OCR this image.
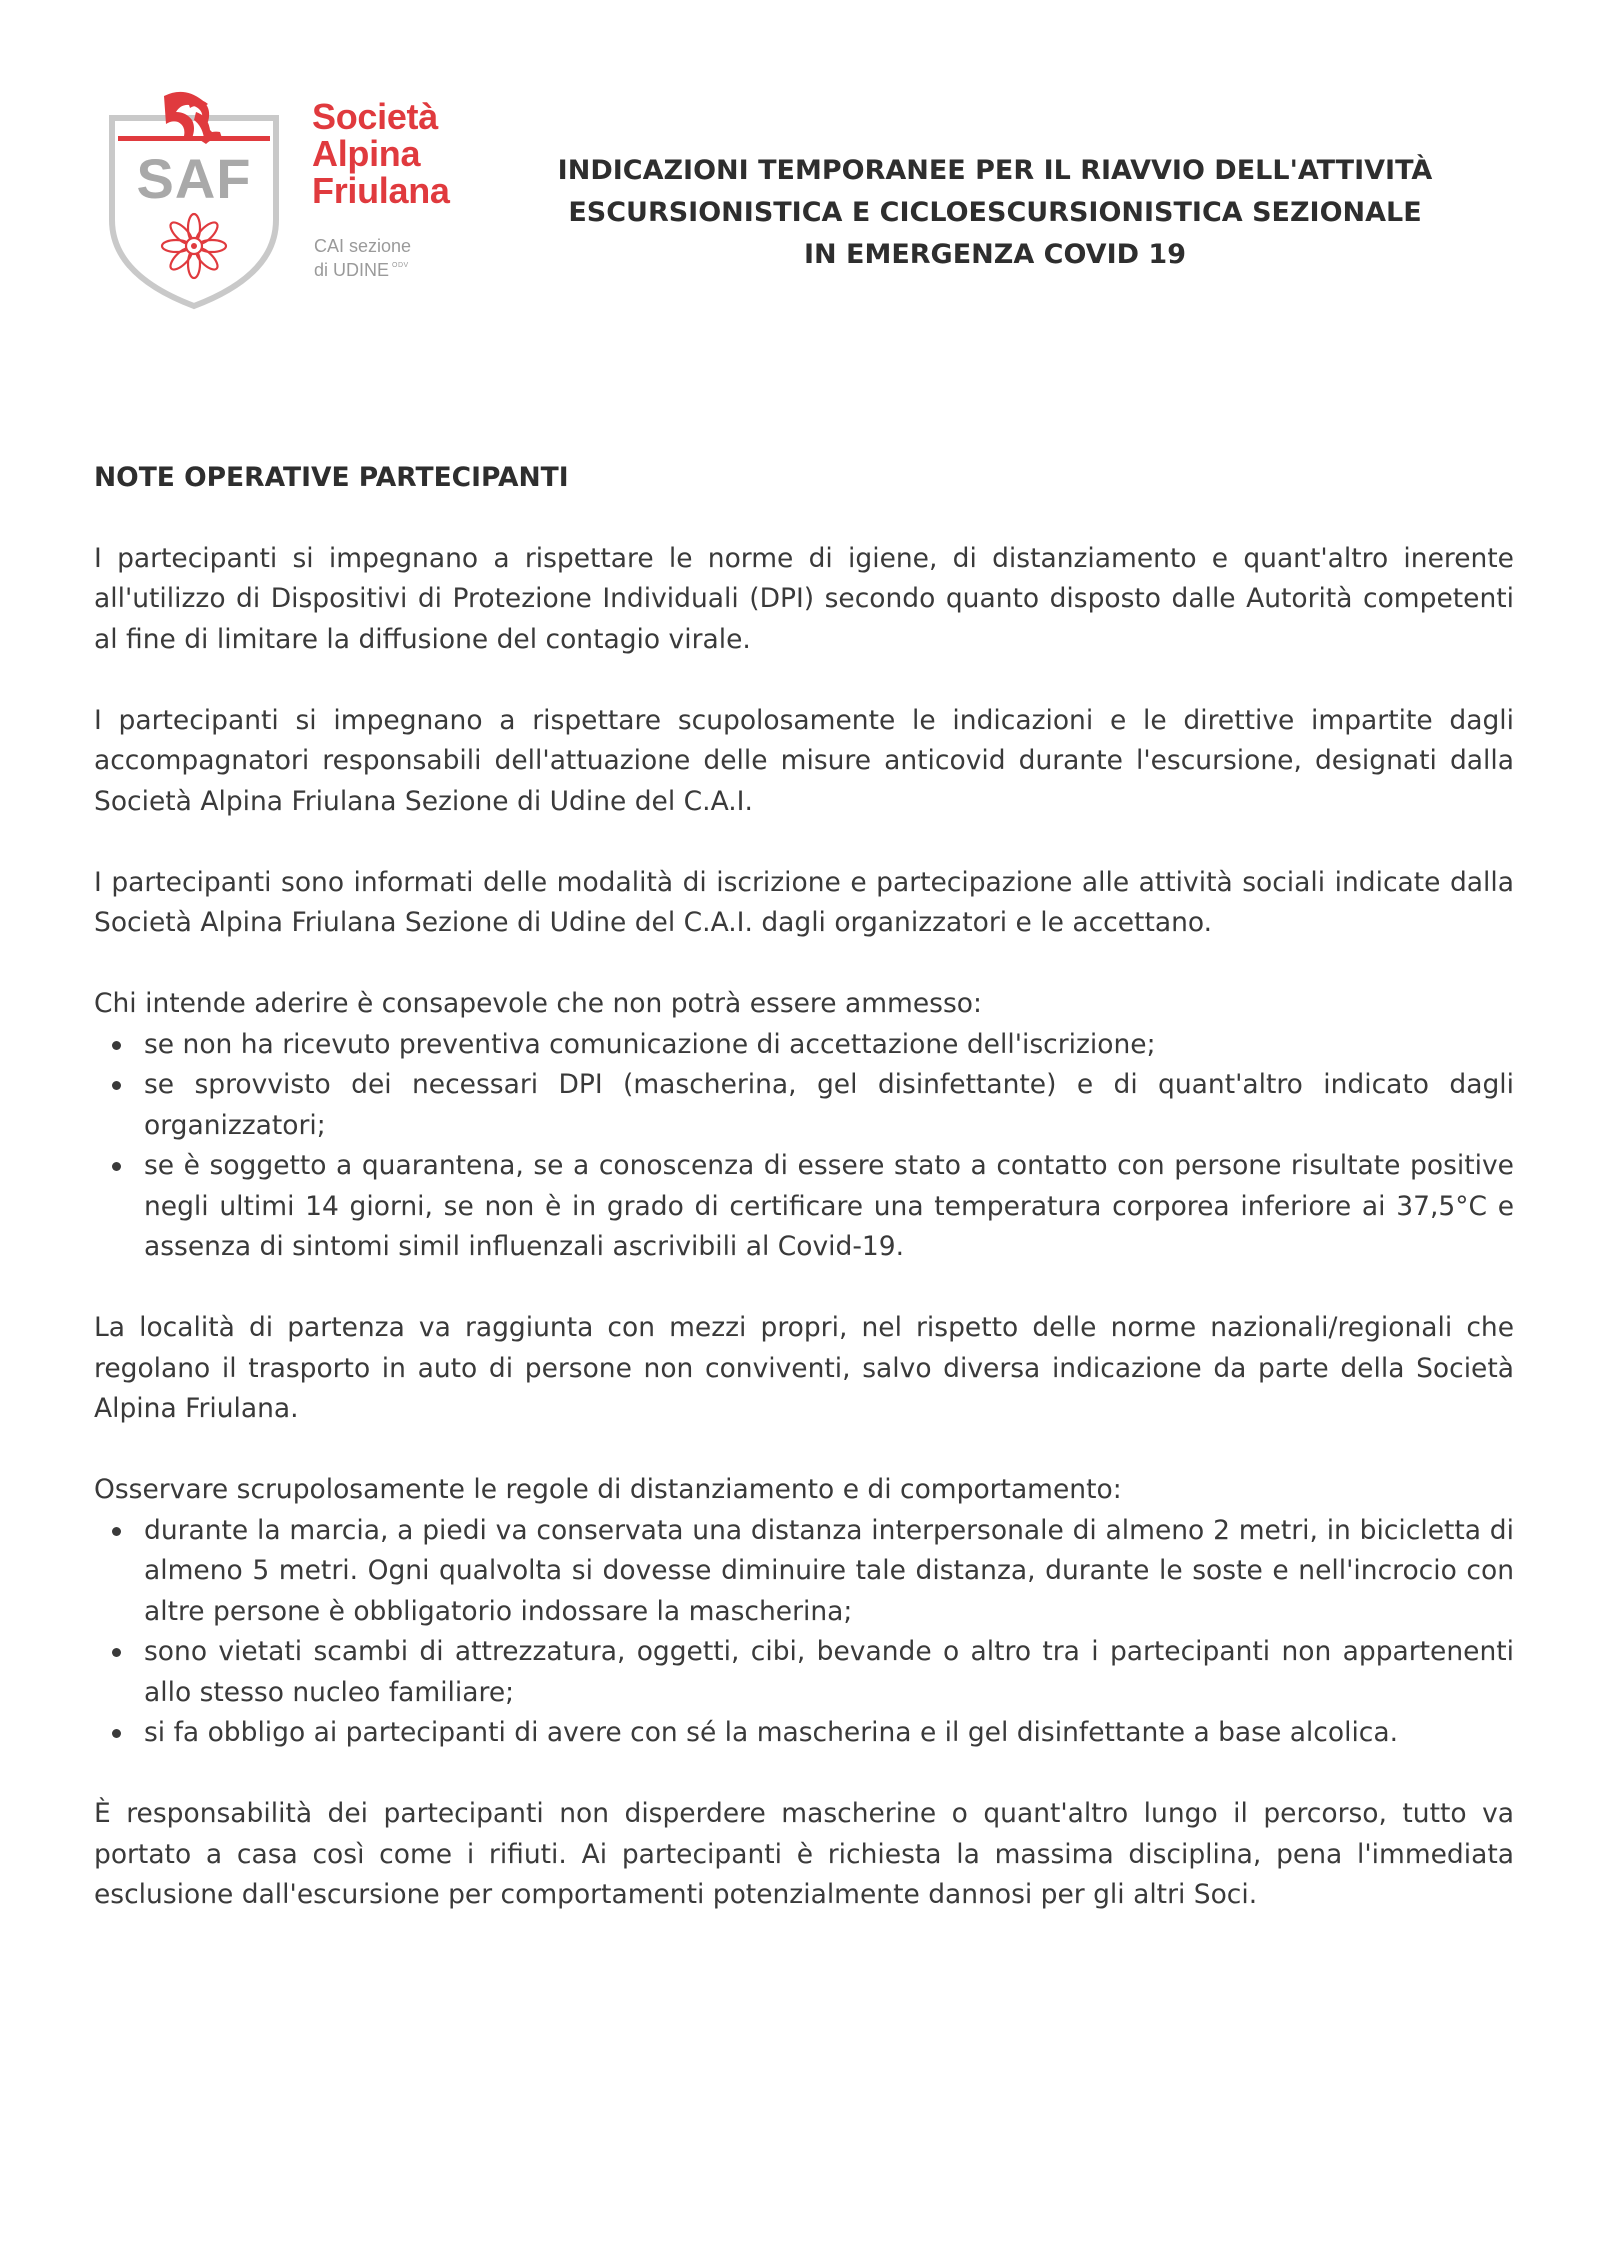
SAF
Società
Alpina
Friulana
CAI sezione
di UDINE $^{ODV}$
INDICAZIONI TEMPORANEE PER IL RIAVVIO DELL'ATTIVITÀ
ESCURSIONISTICA E CICLOESCURSIONISTICA SEZIONALE
IN EMERGENZA COVID 19
NOTE OPERATIVE PARTECIPANTI

I partecipanti si impegnano a rispettare le norme di igiene, di distanziamento e quant'altro inerente all'utilizzo di Dispositivi di Protezione Individuali (DPI) secondo quanto disposto dalle Autorità competenti al fine di limitare la diffusione del contagio virale.

I partecipanti si impegnano a rispettare scupolosamente le indicazioni e le direttive impartite dagli accompagnatori responsabili dell'attuazione delle misure anticovid durante l'escursione, designati dalla Società Alpina Friulana Sezione di Udine del C.A.I.

I partecipanti sono informati delle modalità di iscrizione e partecipazione alle attività sociali indicate dalla Società Alpina Friulana Sezione di Udine del C.A.I. dagli organizzatori e le accettano.

Chi intende aderire è consapevole che non potrà essere ammesso:

se non ha ricevuto preventiva comunicazione di accettazione dell'iscrizione;
se sprovvisto dei necessari DPI (mascherina, gel disinfettante) e di quant'altro indicato dagli organizzatori;
se è soggetto a quarantena, se a conoscenza di essere stato a contatto con persone risultate positive negli ultimi 14 giorni, se non è in grado di certificare una temperatura corporea inferiore ai 37,5°C e assenza di sintomi simil influenzali ascrivibili al Covid-19.

La località di partenza va raggiunta con mezzi propri, nel rispetto delle norme nazionali/regionali che regolano il trasporto in auto di persone non conviventi, salvo diversa indicazione da parte della Società Alpina Friulana.

Osservare scrupolosamente le regole di distanziamento e di comportamento:

durante la marcia, a piedi va conservata una distanza interpersonale di almeno 2 metri, in bicicletta di almeno 5 metri. Ogni qualvolta si dovesse diminuire tale distanza, durante le soste e nell'incrocio con altre persone è obbligatorio indossare la mascherina;
sono vietati scambi di attrezzatura, oggetti, cibi, bevande o altro tra i partecipanti non appartenenti allo stesso nucleo familiare;
si fa obbligo ai partecipanti di avere con sé la mascherina e il gel disinfettante a base alcolica.

È responsabilità dei partecipanti non disperdere mascherine o quant'altro lungo il percorso, tutto va portato a casa così come i rifiuti. Ai partecipanti è richiesta la massima disciplina, pena l'immediata esclusione dall'escursione per comportamenti potenzialmente dannosi per gli altri Soci.
